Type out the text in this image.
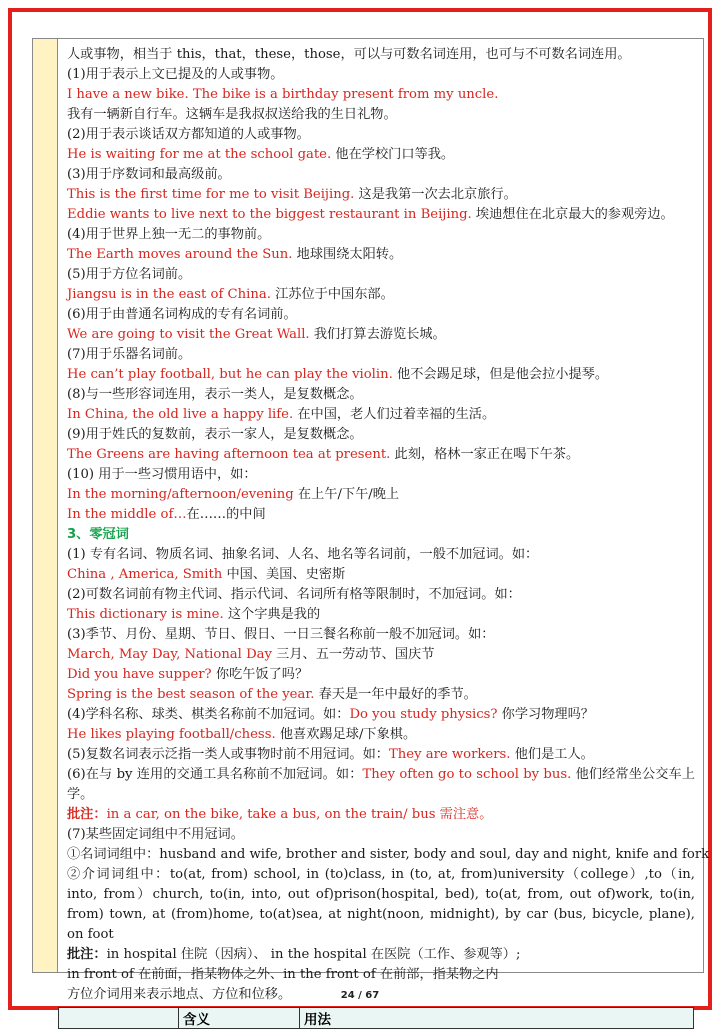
人或事物，相当于 this，that，these，those，可以与可数名词连用，也可与不可数名词连用。
(1)用于表示上文已提及的人或事物。
I have a new bike. The bike is a birthday present from my uncle.
我有一辆新自行车。这辆车是我叔叔送给我的生日礼物。
(2)用于表示谈话双方都知道的人或事物。
He is waiting for me at the school gate. 他在学校门口等我。
(3)用于序数词和最高级前。
This is the first time for me to visit Beijing. 这是我第一次去北京旅行。
Eddie wants to live next to the biggest restaurant in Beijing. 埃迪想住在北京最大的参观旁边。
(4)用于世界上独一无二的事物前。
The Earth moves around the Sun. 地球围绕太阳转。
(5)用于方位名词前。
Jiangsu is in the east of China. 江苏位于中国东部。
(6)用于由普通名词构成的专有名词前。
We are going to visit the Great Wall. 我们打算去游览长城。
(7)用于乐器名词前。
He can’t play football, but he can play the violin. 他不会踢足球，但是他会拉小提琴。
(8)与一些形容词连用，表示一类人，是复数概念。
In China, the old live a happy life. 在中国，老人们过着幸福的生活。
(9)用于姓氏的复数前，表示一家人，是复数概念。
The Greens are having afternoon tea at present. 此刻，格林一家正在喝下午茶。
(10) 用于一些习惯用语中，如：
In the morning/afternoon/evening 在上午/下午/晚上
In the middle of…在……的中间
3、零冠词
(1) 专有名词、物质名词、抽象名词、人名、地名等名词前，一般不加冠词。如：
China , America, Smith 中国、美国、史密斯
(2)可数名词前有物主代词、指示代词、名词所有格等限制时，不加冠词。如：
This dictionary is mine. 这个字典是我的
(3)季节、月份、星期、节日、假日、一日三餐名称前一般不加冠词。如：
March, May Day, National Day 三月、五一劳动节、国庆节
Did you have supper? 你吃午饭了吗？
Spring is the best season of the year. 春天是一年中最好的季节。
(4)学科名称、球类、棋类名称前不加冠词。如：Do you study physics? 你学习物理吗？
He likes playing football/chess. 他喜欢踢足球/下象棋。
(5)复数名词表示泛指一类人或事物时前不用冠词。如：They are workers. 他们是工人。
(6)在与 by 连用的交通工具名称前不加冠词。如：They often go to school by bus. 他们经常坐公交车上学。
批注：in a car, on the bike, take a bus, on the train/ bus 需注意。
(7)某些固定词组中不用冠词。
①名词词组中：husband and wife, brother and sister, body and soul, day and night, knife and fork
②介词词组中：to(at, from) school, in (to)class, in (to, at, from)university（college）,to（in, into, from）church, to(in, into, out of)prison(hospital, bed), to(at, from, out of)work, to(in, from) town, at (from)home, to(at)sea, at night(noon, midnight), by car (bus, bicycle, plane), on foot
批注：in hospital 住院（因病）、 in the hospital 在医院（工作、参观等）;
in front of 在前面，指某物体之外、in the front of 在前部，指某物之内
方位介词用来表示地点、方位和位移。
	含义	用法
24 / 67
